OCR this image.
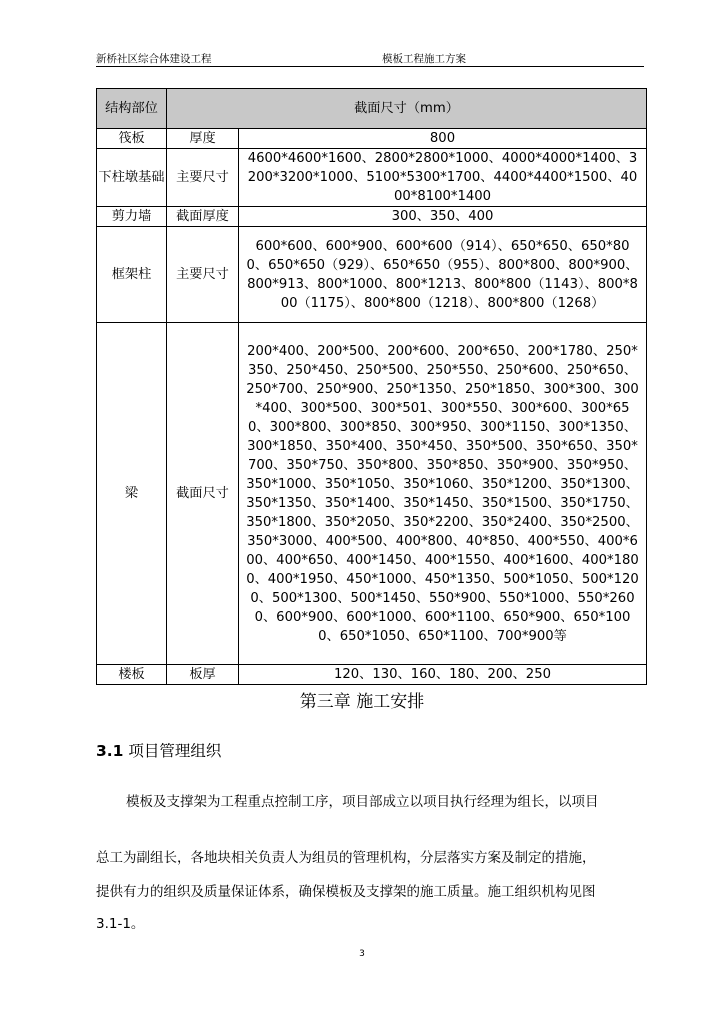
新桥社区综合体建设工程	模板工程施工方案
结构部位	截面尺寸（mm）	
筏板	厚度	800
下柱墩基础	主要尺寸	4600*4600*1600、2800*2800*1000、4000*4000*1400、3200*3200*1000、5100*5300*1700、4400*4400*1500、4000*8100*1400
剪力墙	截面厚度	300、350、400
框架柱	主要尺寸	600*600、600*900、600*600（914）、650*650、650*800、650*650（929）、650*650（955）、800*800、800*900、800*913、800*1000、800*1213、800*800（1143）、800*800（1175）、800*800（1218）、800*800（1268）
梁	截面尺寸	200*400、200*500、200*600、200*650、200*1780、250*350、250*450、250*500、250*550、250*600、250*650、250*700、250*900、250*1350、250*1850、300*300、300*400、300*500、300*501、300*550、300*600、300*650、300*800、300*850、300*950、300*1150、300*1350、300*1850、350*400、350*450、350*500、350*650、350*700、350*750、350*800、350*850、350*900、350*950、350*1000、350*1050、350*1060、350*1200、350*1300、350*1350、350*1400、350*1450、350*1500、350*1750、350*1800、350*2050、350*2200、350*2400、350*2500、350*3000、400*500、400*800、40*850、400*550、400*600、400*650、400*1450、400*1550、400*1600、400*1800、400*1950、450*1000、450*1350、500*1050、500*1200、500*1300、500*1450、550*900、550*1000、550*2600、600*900、600*1000、600*1100、650*900、650*1000、650*1050、650*1100、700*900等
楼板	板厚	120、130、160、180、200、250
第三章 施工安排
3.1 项目管理组织
模板及支撑架为工程重点控制工序，项目部成立以项目执行经理为组长，以项目
总工为副组长，各地块相关负责人为组员的管理机构，分层落实方案及制定的措施，
提供有力的组织及质量保证体系，确保模板及支撑架的施工质量。施工组织机构见图
3.1-1。
3
